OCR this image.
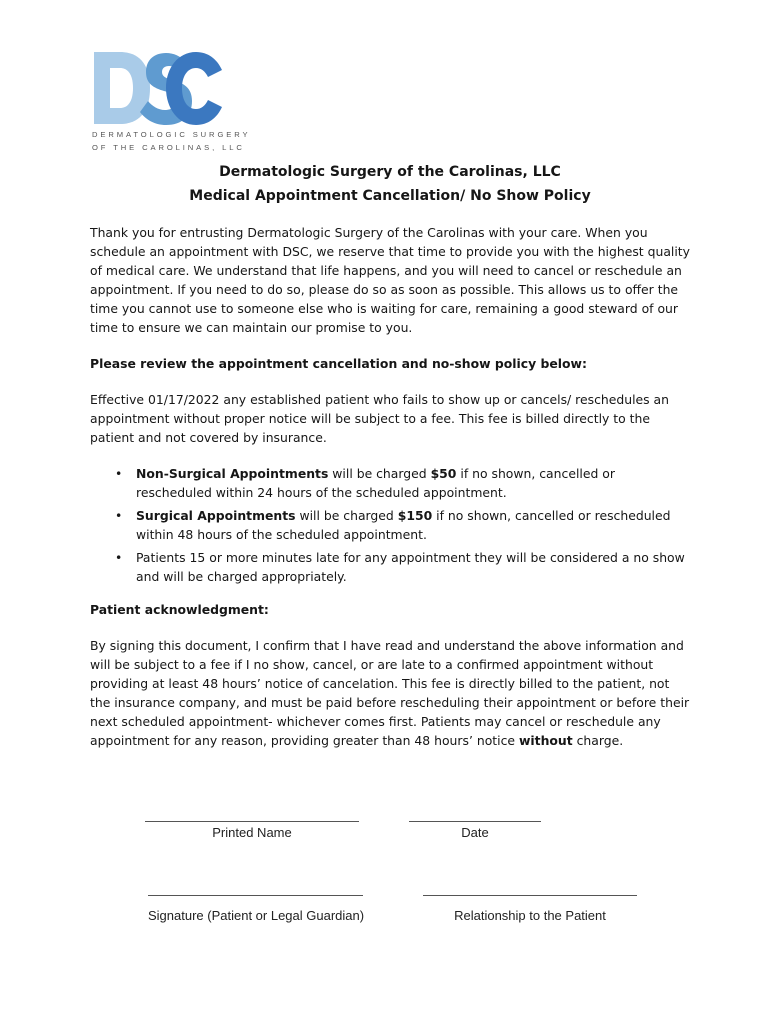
DERMATOLOGIC SURGERY
OF THE CAROLINAS, LLC
Dermatologic Surgery of the Carolinas, LLC
Medical Appointment Cancellation/ No Show Policy

Thank you for entrusting Dermatologic Surgery of the Carolinas with your care. When you schedule an appointment with DSC, we reserve that time to provide you with the highest quality of medical care. We understand that life happens, and you will need to cancel or reschedule an appointment. If you need to do so, please do so as soon as possible. This allows us to offer the time you cannot use to someone else who is waiting for care, remaining a good steward of our time to ensure we can maintain our promise to you.

Please review the appointment cancellation and no-show policy below:

Effective 01/17/2022 any established patient who fails to show up or cancels/ reschedules an appointment without proper notice will be subject to a fee. This fee is billed directly to the patient and not covered by insurance.

• Non-Surgical Appointments will be charged $50 if no shown, cancelled or rescheduled within 24 hours of the scheduled appointment.
• Surgical Appointments will be charged $150 if no shown, cancelled or rescheduled within 48 hours of the scheduled appointment.
• Patients 15 or more minutes late for any appointment they will be considered a no show and will be charged appropriately.

Patient acknowledgment:

By signing this document, I confirm that I have read and understand the above information and will be subject to a fee if I no show, cancel, or are late to a confirmed appointment without providing at least 48 hours’ notice of cancelation. This fee is directly billed to the patient, not the insurance company, and must be paid before rescheduling their appointment or before their next scheduled appointment- whichever comes first. Patients may cancel or reschedule any appointment for any reason, providing greater than 48 hours’ notice without charge.

Printed Name	Date
Signature (Patient or Legal Guardian)	Relationship to the Patient
